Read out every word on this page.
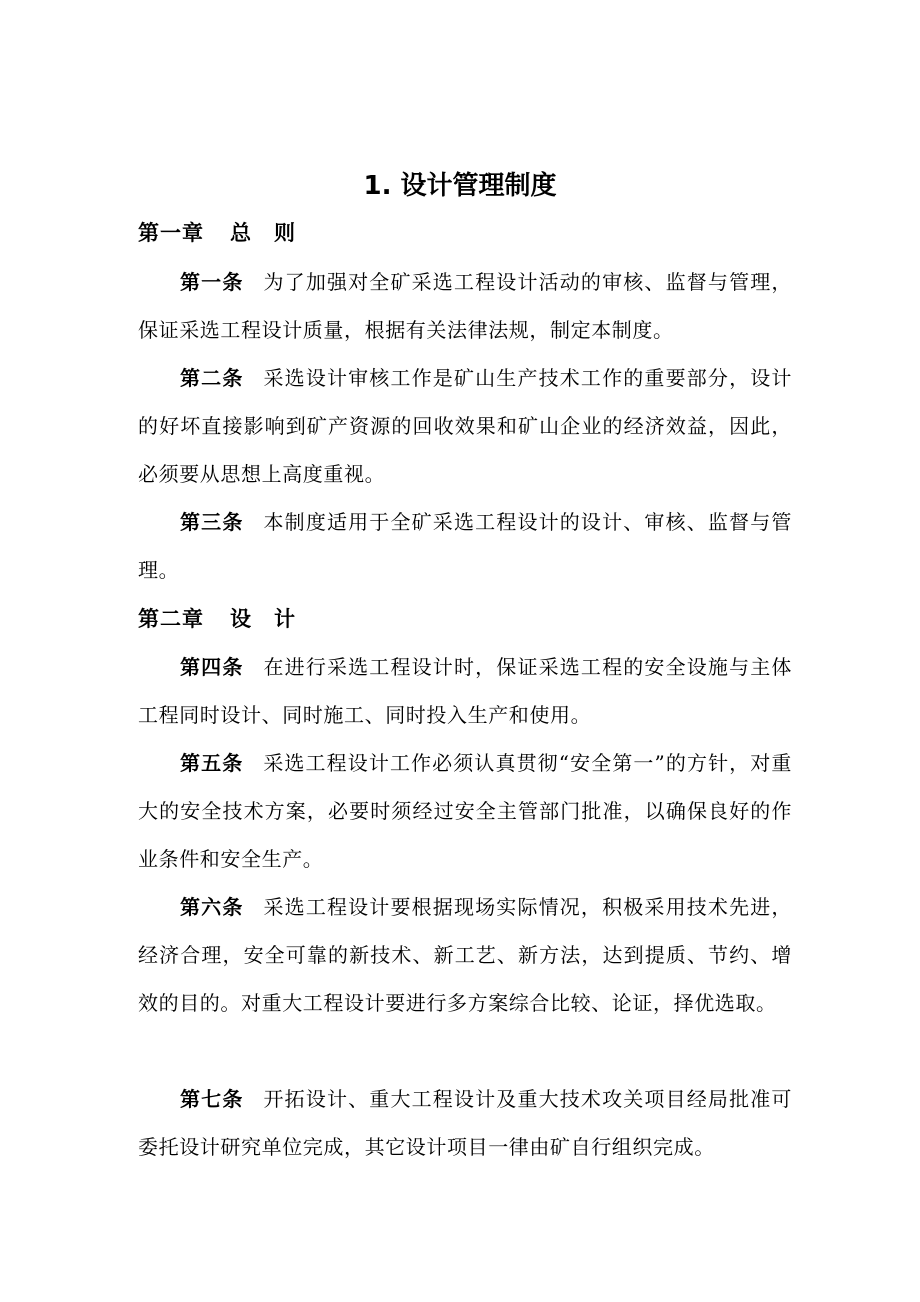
1. 设计管理制度
第一章 总　则

第一条 为了加强对全矿采选工程设计活动的审核、监督与管理，保证采选工程设计质量，根据有关法律法规，制定本制度。

第二条 采选设计审核工作是矿山生产技术工作的重要部分，设计的好坏直接影响到矿产资源的回收效果和矿山企业的经济效益，因此，必须要从思想上高度重视。

第三条 本制度适用于全矿采选工程设计的设计、审核、监督与管理。

第二章 设　计

第四条 在进行采选工程设计时，保证采选工程的安全设施与主体工程同时设计、同时施工、同时投入生产和使用。

第五条 采选工程设计工作必须认真贯彻“安全第一”的方针，对重大的安全技术方案，必要时须经过安全主管部门批准，以确保良好的作业条件和安全生产。

第六条 采选工程设计要根据现场实际情况，积极采用技术先进，经济合理，安全可靠的新技术、新工艺、新方法，达到提质、节约、增效的目的。对重大工程设计要进行多方案综合比较、论证，择优选取。

第七条 开拓设计、重大工程设计及重大技术攻关项目经局批准可委托设计研究单位完成，其它设计项目一律由矿自行组织完成。
